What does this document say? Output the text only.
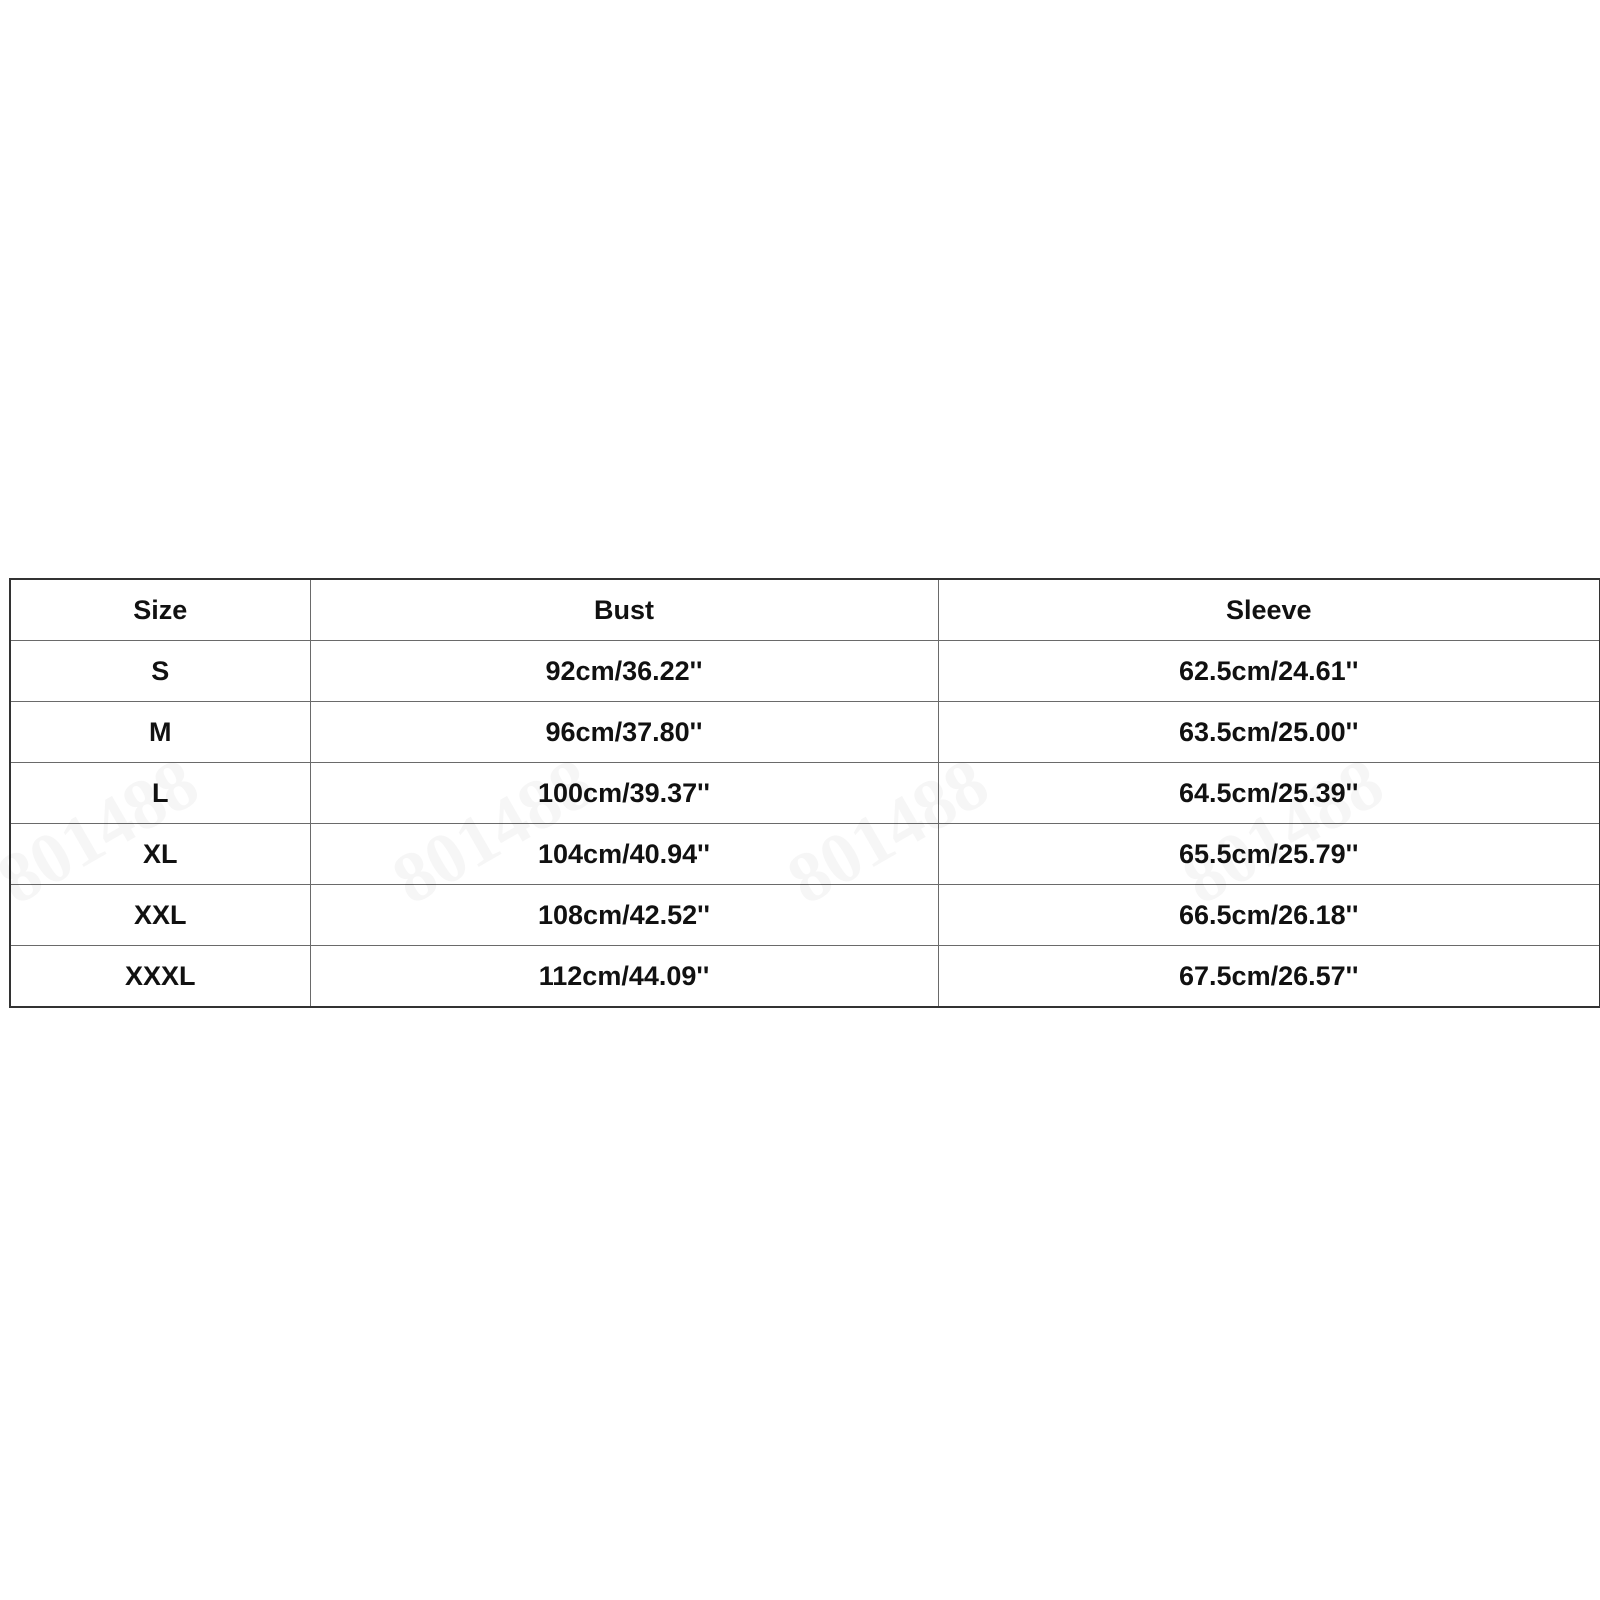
Size	Bust	Sleeve
S	92cm/36.22''	62.5cm/24.61''
M	96cm/37.80''	63.5cm/25.00''
L	100cm/39.37''	64.5cm/25.39''
XL	104cm/40.94''	65.5cm/25.79''
XXL	108cm/42.52''	66.5cm/26.18''
XXXL	112cm/44.09''	67.5cm/26.57''
